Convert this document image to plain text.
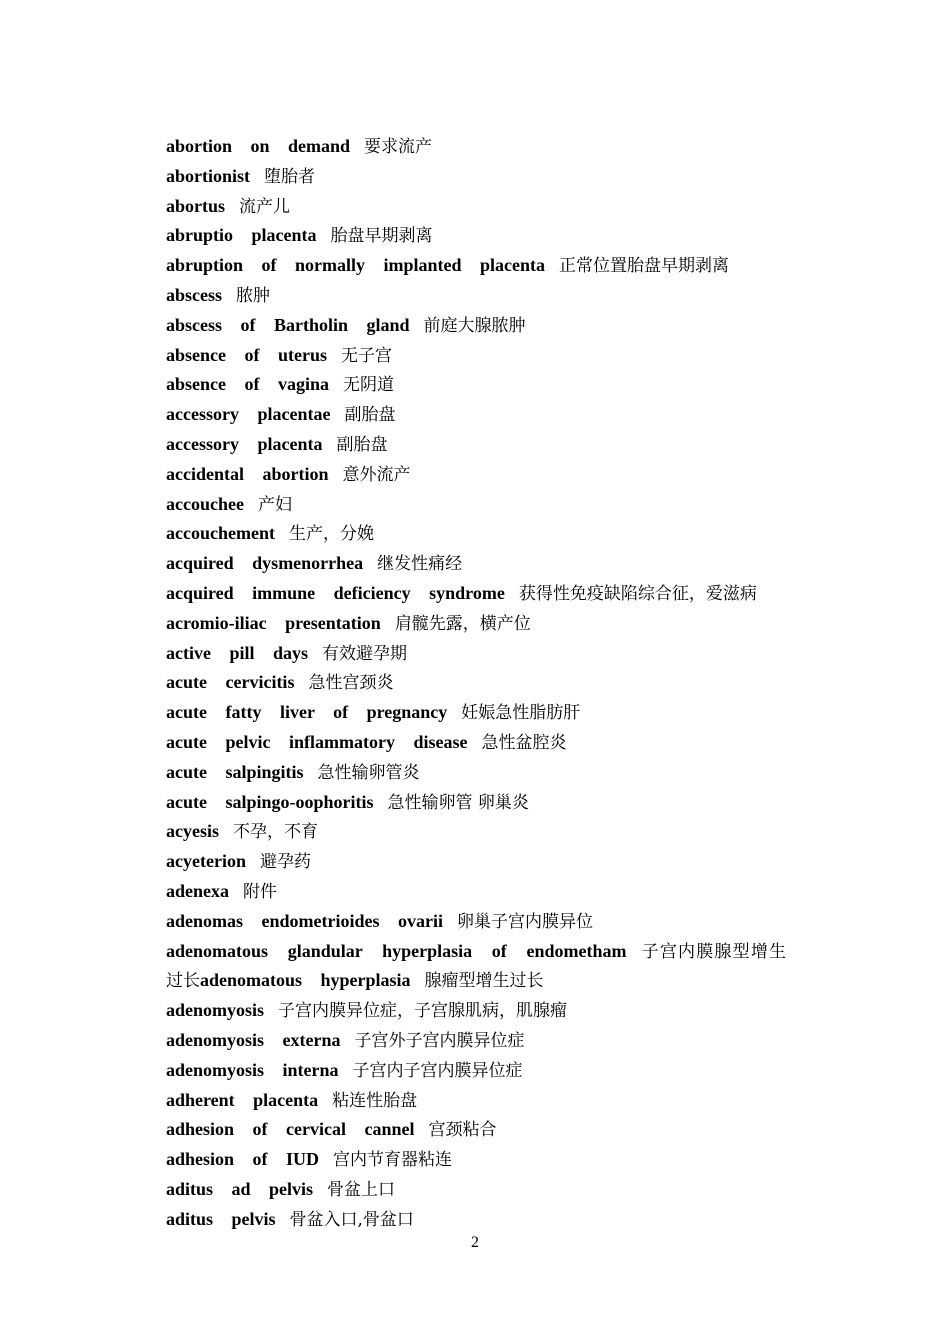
abortion on demand 要求流产
abortionist 堕胎者
abortus 流产儿
abruptio placenta 胎盘早期剥离
abruption of normally implanted placenta 正常位置胎盘早期剥离
abscess 脓肿
abscess of Bartholin gland 前庭大腺脓肿
absence of uterus 无子宫
absence of vagina 无阴道
accessory placentae 副胎盘
accessory placenta 副胎盘
accidental abortion 意外流产
accouchee 产妇
accouchement 生产，分娩
acquired dysmenorrhea 继发性痛经
acquired immune deficiency syndrome 获得性免疫缺陷综合征，爱滋病
acromio-iliac presentation 肩髋先露，横产位
active pill days 有效避孕期
acute cervicitis 急性宫颈炎
acute fatty liver of pregnancy 妊娠急性脂肪肝
acute pelvic inflammatory disease 急性盆腔炎
acute salpingitis 急性输卵管炎
acute salpingo-oophoritis 急性输卵管 卵巢炎
acyesis 不孕，不育
acyeterion 避孕药
adenexa 附件
adenomas endometrioides ovarii 卵巢子宫内膜异位
adenomatous glandular hyperplasia of endometham 子宫内膜腺型增生过长adenomatous hyperplasia 腺瘤型增生过长
adenomyosis 子宫内膜异位症，子宫腺肌病，肌腺瘤
adenomyosis externa 子宫外子宫内膜异位症
adenomyosis interna 子宫内子宫内膜异位症
adherent placenta 粘连性胎盘
adhesion of cervical cannel 宫颈粘合
adhesion of IUD 宫内节育器粘连
aditus ad pelvis 骨盆上口
aditus pelvis 骨盆入口,骨盆口
2
